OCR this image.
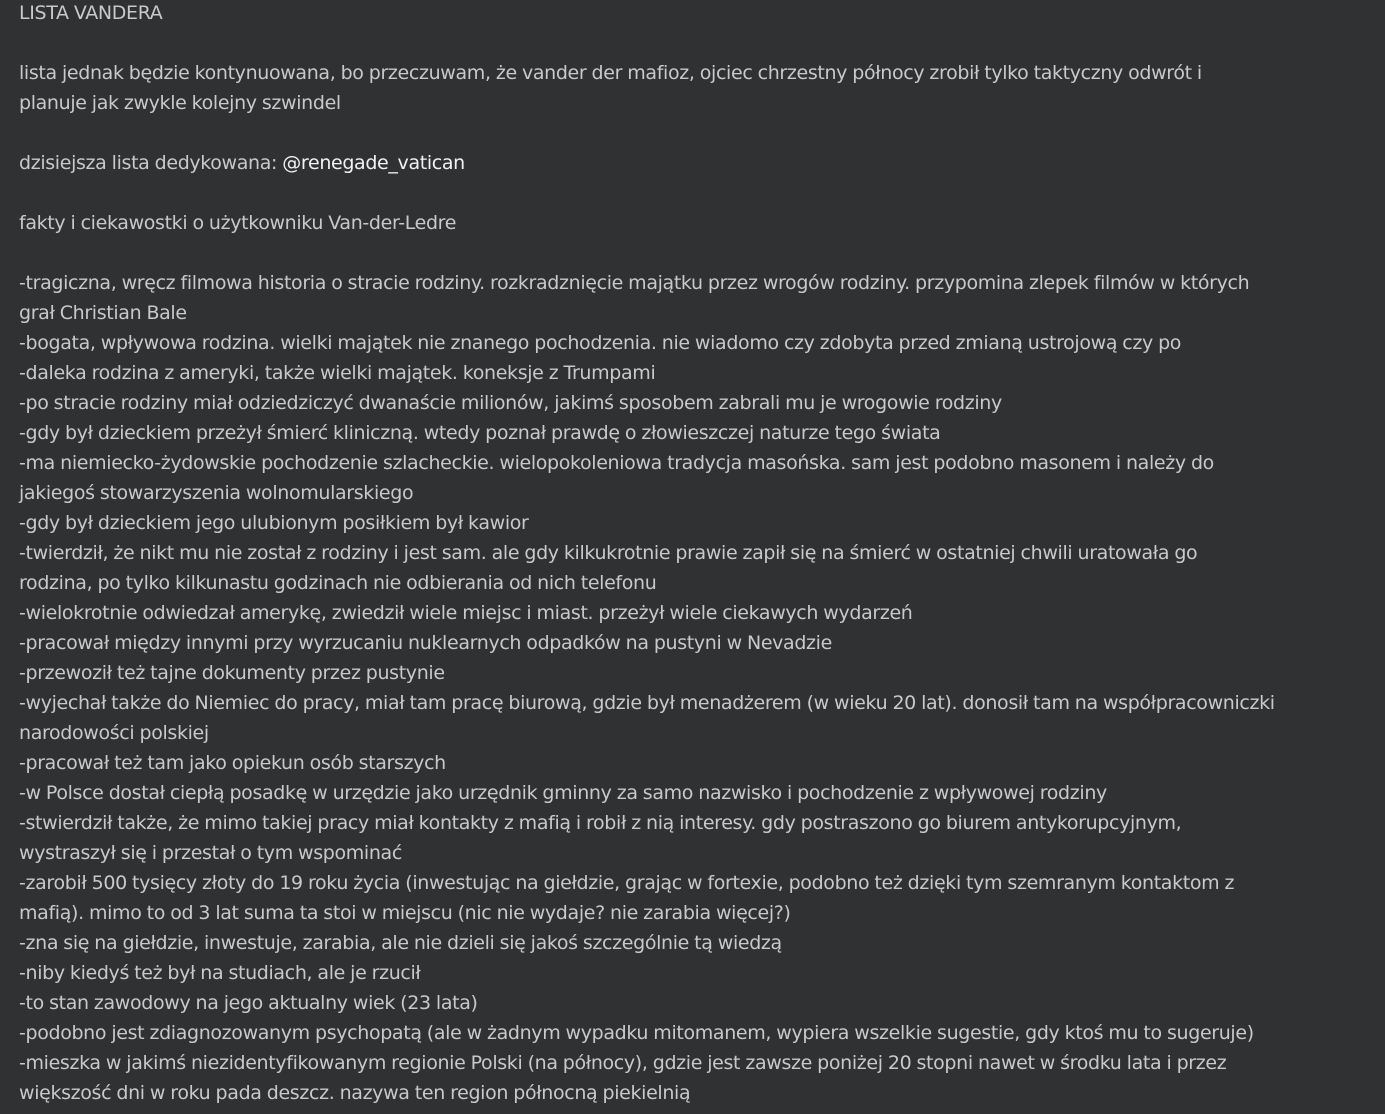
LISTA VANDERA

lista jednak będzie kontynuowana, bo przeczuwam, że vander der mafioz, ojciec chrzestny północy zrobił tylko taktyczny odwrót i

planuje jak zwykle kolejny szwindel

dzisiejsza lista dedykowana: @renegade_vatican

fakty i ciekawostki o użytkowniku Van-der-Ledre

-tragiczna, wręcz filmowa historia o stracie rodziny. rozkradznięcie majątku przez wrogów rodziny. przypomina zlepek filmów w których

grał Christian Bale

-bogata, wpływowa rodzina. wielki majątek nie znanego pochodzenia. nie wiadomo czy zdobyta przed zmianą ustrojową czy po

-daleka rodzina z ameryki, także wielki majątek. koneksje z Trumpami

-po stracie rodziny miał odziedziczyć dwanaście milionów, jakimś sposobem zabrali mu je wrogowie rodziny

-gdy był dzieckiem przeżył śmierć kliniczną. wtedy poznał prawdę o złowieszczej naturze tego świata

-ma niemiecko-żydowskie pochodzenie szlacheckie. wielopokoleniowa tradycja masońska. sam jest podobno masonem i należy do

jakiegoś stowarzyszenia wolnomularskiego

-gdy był dzieckiem jego ulubionym posiłkiem był kawior

-twierdził, że nikt mu nie został z rodziny i jest sam. ale gdy kilkukrotnie prawie zapił się na śmierć w ostatniej chwili uratowała go

rodzina, po tylko kilkunastu godzinach nie odbierania od nich telefonu

-wielokrotnie odwiedzał amerykę, zwiedził wiele miejsc i miast. przeżył wiele ciekawych wydarzeń

-pracował między innymi przy wyrzucaniu nuklearnych odpadków na pustyni w Nevadzie

-przewoził też tajne dokumenty przez pustynie

-wyjechał także do Niemiec do pracy, miał tam pracę biurową, gdzie był menadżerem (w wieku 20 lat). donosił tam na współpracowniczki

narodowości polskiej

-pracował też tam jako opiekun osób starszych

-w Polsce dostał ciepłą posadkę w urzędzie jako urzędnik gminny za samo nazwisko i pochodzenie z wpływowej rodziny

-stwierdził także, że mimo takiej pracy miał kontakty z mafią i robił z nią interesy. gdy postraszono go biurem antykorupcyjnym,

wystraszył się i przestał o tym wspominać

-zarobił 500 tysięcy złoty do 19 roku życia (inwestując na giełdzie, grając w fortexie, podobno też dzięki tym szemranym kontaktom z

mafią). mimo to od 3 lat suma ta stoi w miejscu (nic nie wydaje? nie zarabia więcej?)

-zna się na giełdzie, inwestuje, zarabia, ale nie dzieli się jakoś szczególnie tą wiedzą

-niby kiedyś też był na studiach, ale je rzucił

-to stan zawodowy na jego aktualny wiek (23 lata)

-podobno jest zdiagnozowanym psychopatą (ale w żadnym wypadku mitomanem, wypiera wszelkie sugestie, gdy ktoś mu to sugeruje)

-mieszka w jakimś niezidentyfikowanym regionie Polski (na północy), gdzie jest zawsze poniżej 20 stopni nawet w środku lata i przez

większość dni w roku pada deszcz. nazywa ten region północną piekielnią
